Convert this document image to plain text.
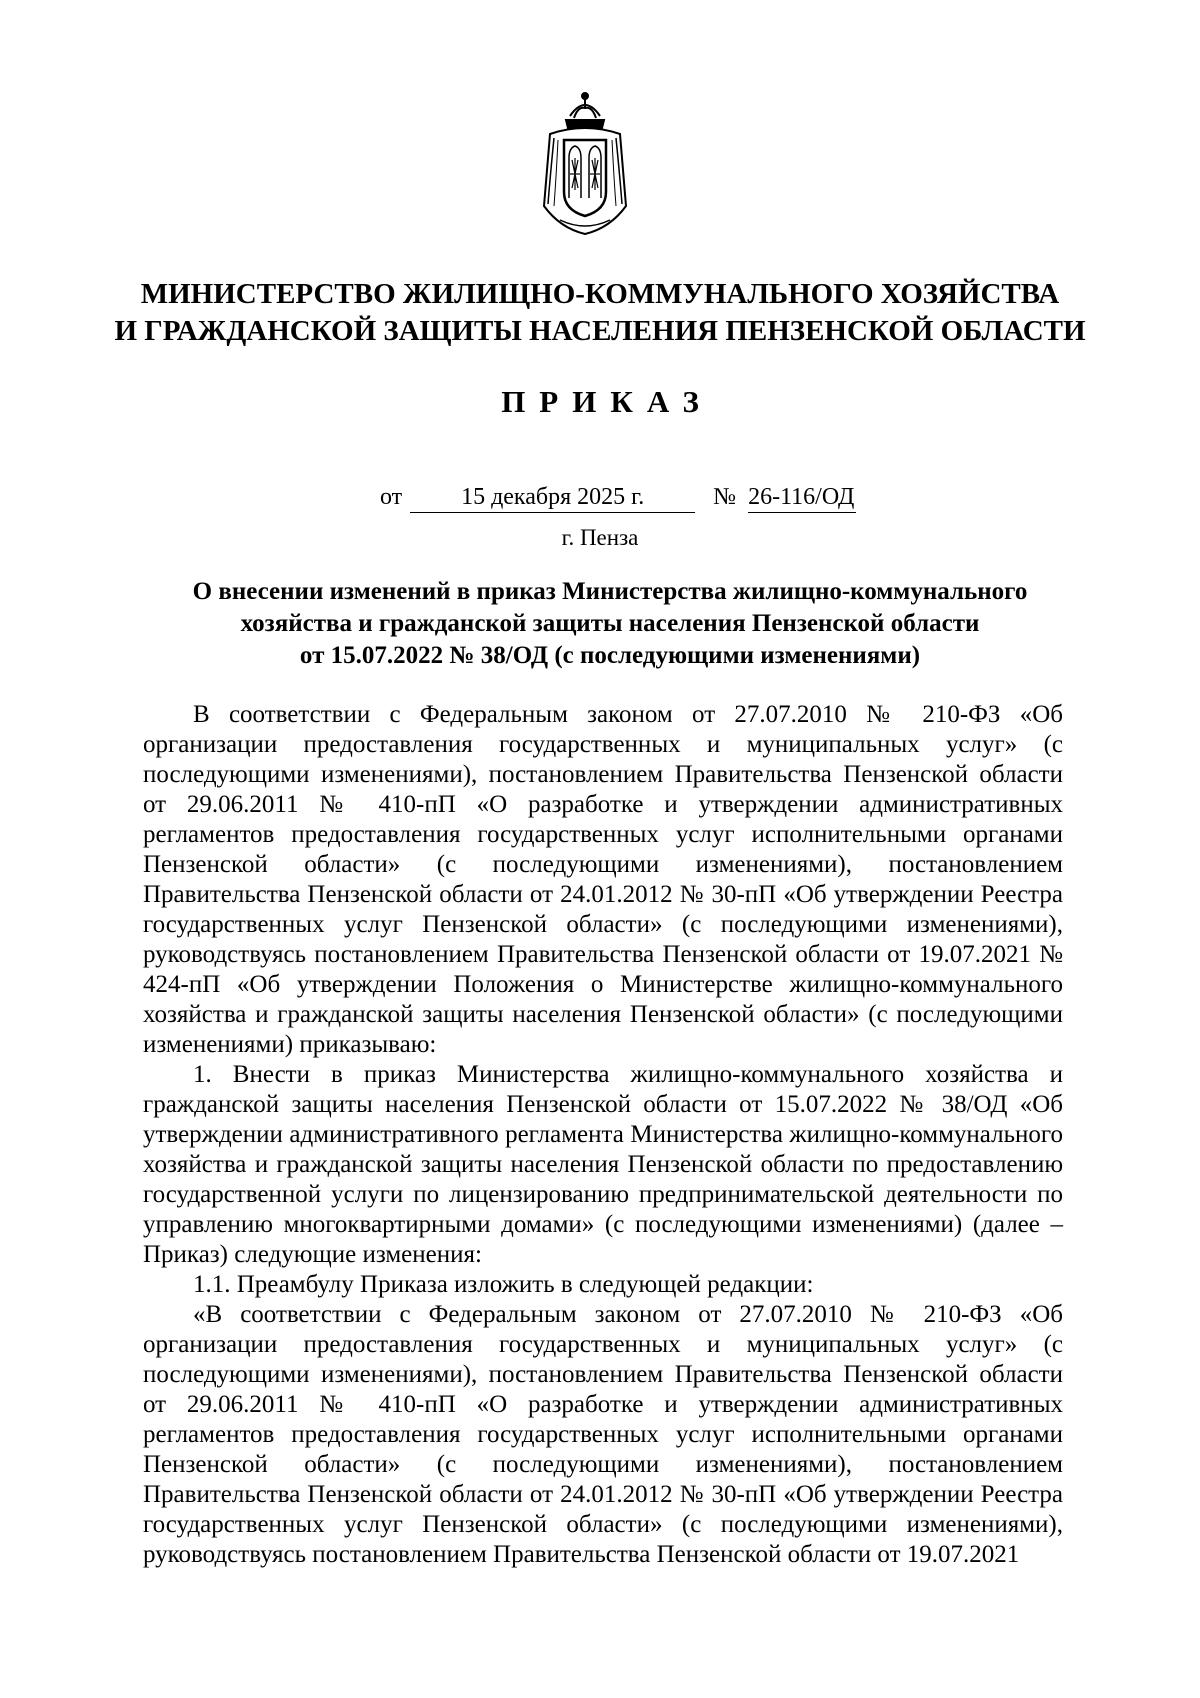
МИНИСТЕРСТВО ЖИЛИЩНО-КОММУНАЛЬНОГО ХОЗЯЙСТВА
И ГРАЖДАНСКОЙ ЗАЩИТЫ НАСЕЛЕНИЯ ПЕНЗЕНСКОЙ ОБЛАСТИ
ПРИКАЗ
от 15 декабря 2025 г.	№ 26-116/ОД
г. Пенза
О внесении изменений в приказ Министерства жилищно-коммунального
хозяйства и гражданской защиты населения Пензенской области
от 15.07.2022 № 38/ОД (с последующими изменениями)

В соответствии с Федеральным законом от 27.07.2010 № 210-ФЗ «Об организации предоставления государственных и муниципальных услуг» (с последующими изменениями), постановлением Правительства Пензенской области от 29.06.2011 № 410-пП «О разработке и утверждении административных регламентов предоставления государственных услуг исполнительными органами Пензенской области» (с последующими изменениями), постановлением Правительства Пензенской области от 24.01.2012 № 30-пП «Об утверждении Реестра государственных услуг Пензенской области» (с последующими изменениями), руководствуясь постановлением Правительства Пензенской области от 19.07.2021 № 424-пП «Об утверждении Положения о Министерстве жилищно-коммунального хозяйства и гражданской защиты населения Пензенской области» (с последующими изменениями) приказываю:

1. Внести в приказ Министерства жилищно-коммунального хозяйства и гражданской защиты населения Пензенской области от 15.07.2022 № 38/ОД «Об утверждении административного регламента Министерства жилищно-коммунального хозяйства и гражданской защиты населения Пензенской области по предоставлению государственной услуги по лицензированию предпринимательской деятельности по управлению многоквартирными домами» (с последующими изменениями) (далее – Приказ) следующие изменения:

1.1. Преамбулу Приказа изложить в следующей редакции:

«В соответствии с Федеральным законом от 27.07.2010 № 210-ФЗ «Об организации предоставления государственных и муниципальных услуг» (с последующими изменениями), постановлением Правительства Пензенской области от 29.06.2011 № 410-пП «О разработке и утверждении административных регламентов предоставления государственных услуг исполнительными органами Пензенской области» (с последующими изменениями), постановлением Правительства Пензенской области от 24.01.2012 № 30-пП «Об утверждении Реестра государственных услуг Пензенской области» (с последующими изменениями), руководствуясь постановлением Правительства Пензенской области от 19.07.2021
